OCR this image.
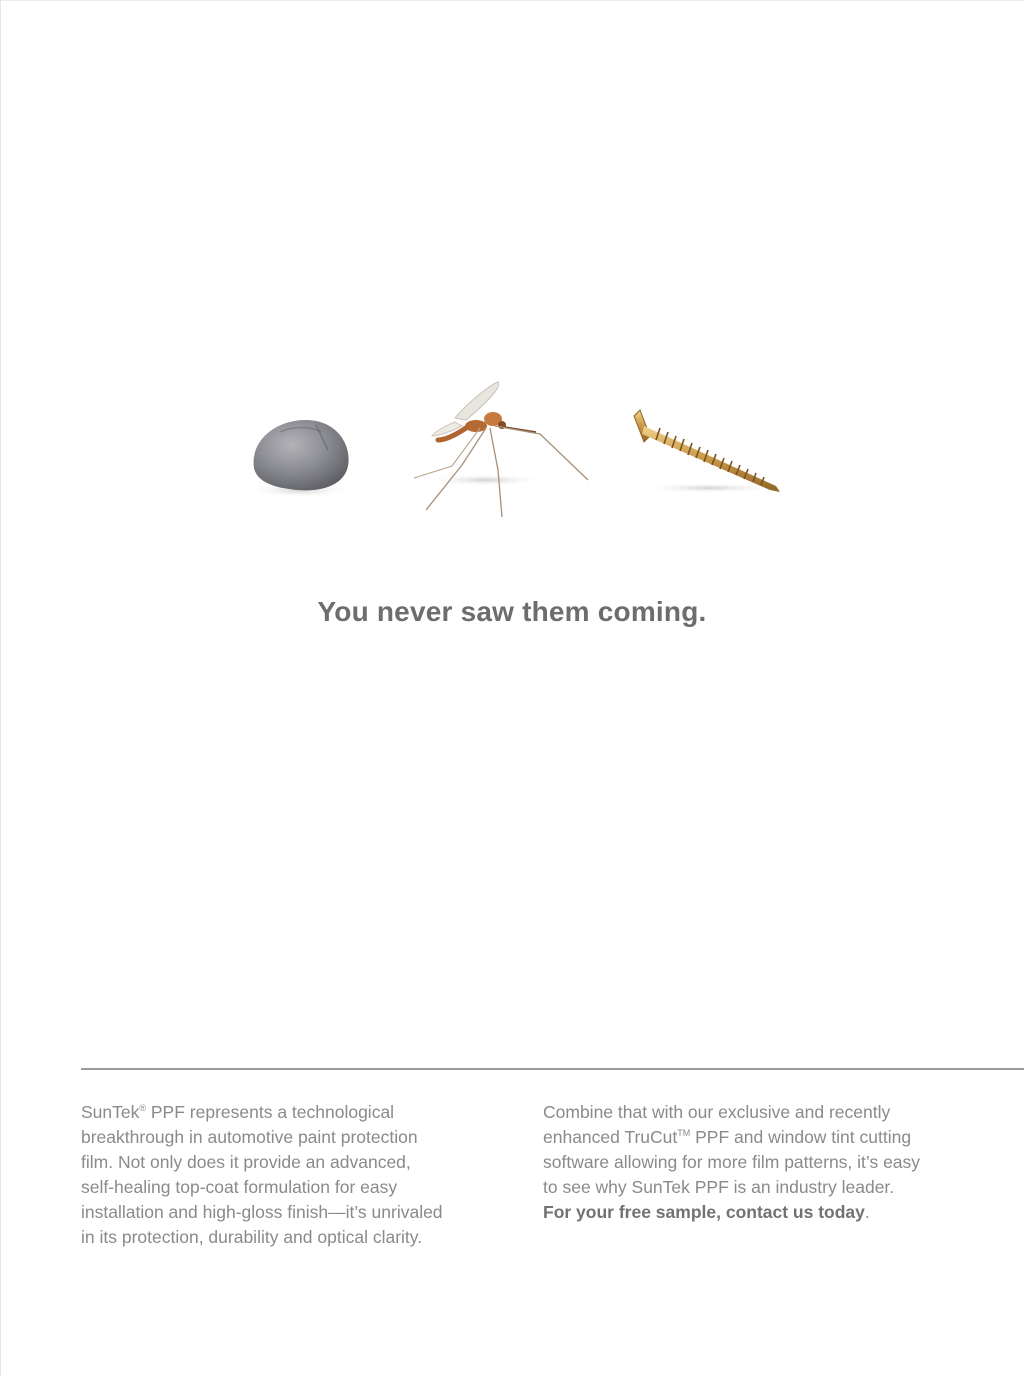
You never saw them coming.

SunTek® PPF represents a technological
breakthrough in automotive paint protection
film. Not only does it provide an advanced,
self-healing top-coat formulation for easy
installation and high-gloss finish—it’s unrivaled
in its protection, durability and optical clarity.

Combine that with our exclusive and recently
enhanced TruCut™ PPF and window tint cutting
software allowing for more film patterns, it’s easy
to see why SunTek PPF is an industry leader.
For your free sample, contact us today.
